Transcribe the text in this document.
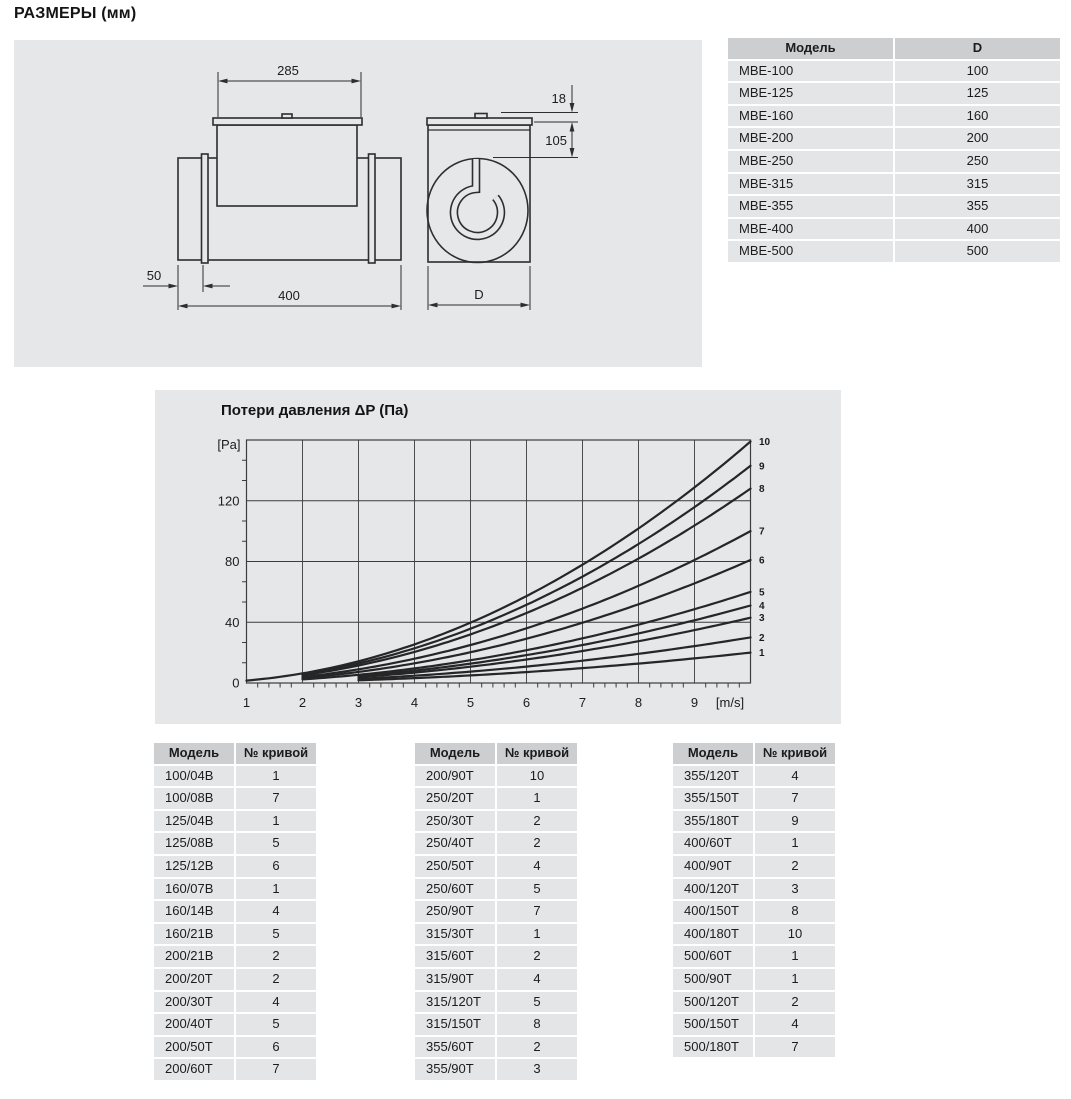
РАЗМЕРЫ (мм)
285
50
400
18
105
D
Модель	D
MBE-100	100
MBE-125	125
MBE-160	160
MBE-200	200
MBE-250	250
MBE-315	315
MBE-355	355
MBE-400	400
MBE-500	500
Потери давления ΔP (Па)
1
2
3
4
5
6
7
8
9
10
0
40
80
120
[Pa]
1	2	3	4	5	6	7	8	9 [m/s]
Модель	№ кривой
100/04B	1
100/08B	7
125/04B	1
125/08B	5
125/12B	6
160/07B	1
160/14B	4
160/21B	5
200/21B	2
200/20T	2
200/30T	4
200/40T	5
200/50T	6
200/60T	7
Модель	№ кривой
200/90T	10
250/20T	1
250/30T	2
250/40T	2
250/50T	4
250/60T	5
250/90T	7
315/30T	1
315/60T	2
315/90T	4
315/120T	5
315/150T	8
355/60T	2
355/90T	3
Модель	№ кривой
355/120T	4
355/150T	7
355/180T	9
400/60T	1
400/90T	2
400/120T	3
400/150T	8
400/180T	10
500/60T	1
500/90T	1
500/120T	2
500/150T	4
500/180T	7
